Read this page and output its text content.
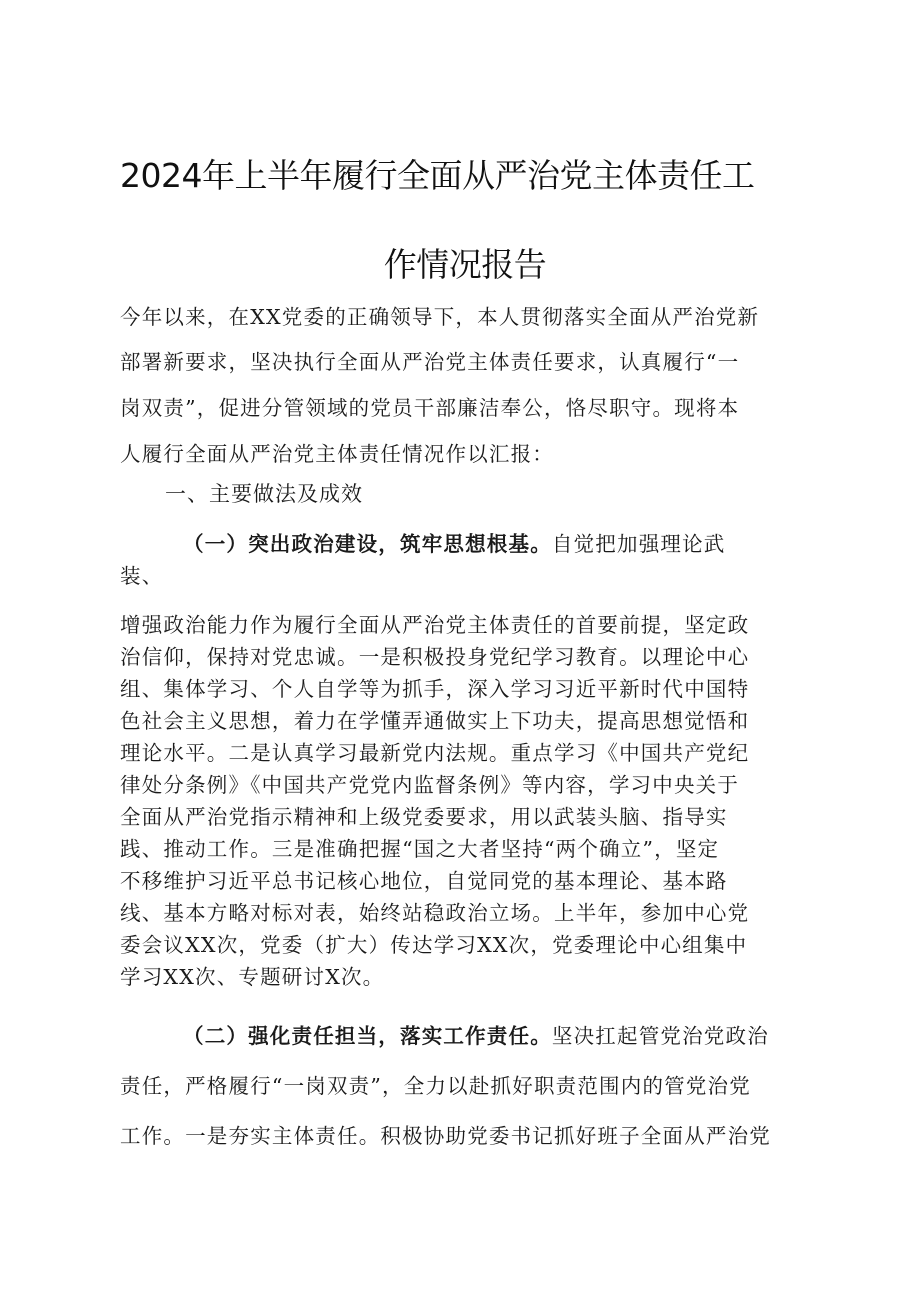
2024年上半年履行全面从严治党主体责任工
作情况报告
今年以来，在XX党委的正确领导下，本人贯彻落实全面从严治党新
部署新要求，坚决执行全面从严治党主体责任要求，认真履行“一
岗双责”，促进分管领域的党员干部廉洁奉公，恪尽职守。现将本
人履行全面从严治党主体责任情况作以汇报：
一、主要做法及成效
（一）突出政治建设，筑牢思想根基。自觉把加强理论武
装、
增强政治能力作为履行全面从严治党主体责任的首要前提，坚定政
治信仰，保持对党忠诚。一是积极投身党纪学习教育。以理论中心
组、集体学习、个人自学等为抓手，深入学习习近平新时代中国特
色社会主义思想，着力在学懂弄通做实上下功夫，提高思想觉悟和
理论水平。二是认真学习最新党内法规。重点学习《中国共产党纪
律处分条例》《中国共产党党内监督条例》等内容，学习中央关于
全面从严治党指示精神和上级党委要求，用以武装头脑、指导实
践、推动工作。三是准确把握“国之大者坚持“两个确立”，坚定
不移维护习近平总书记核心地位，自觉同党的基本理论、基本路
线、基本方略对标对表，始终站稳政治立场。上半年，参加中心党
委会议XX次，党委（扩大）传达学习XX次，党委理论中心组集中
学习XX次、专题研讨X次。
（二）强化责任担当，落实工作责任。坚决扛起管党治党政治
责任，严格履行“一岗双责”，全力以赴抓好职责范围内的管党治党
工作。一是夯实主体责任。积极协助党委书记抓好班子全面从严治党
